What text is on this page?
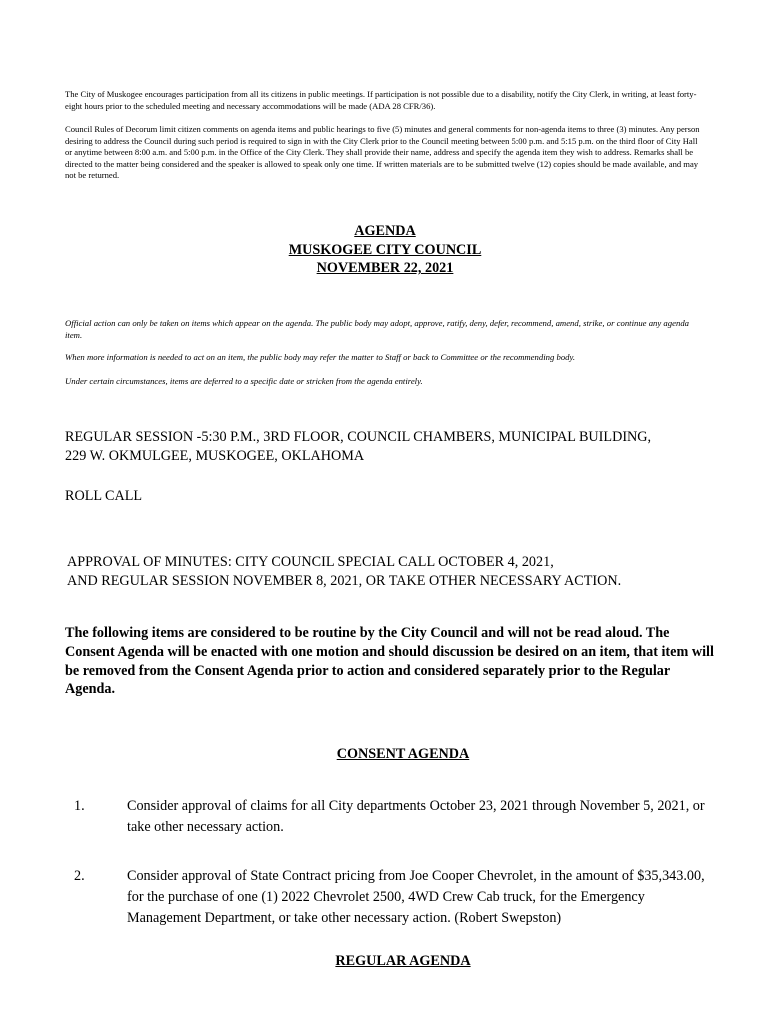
The City of Muskogee encourages participation from all its citizens in public meetings. If participation is not possible due to a disability, notify the City Clerk, in writing, at least forty-eight hours prior to the scheduled meeting and necessary accommodations will be made (ADA 28 CFR/36).

Council Rules of Decorum limit citizen comments on agenda items and public hearings to five (5) minutes and general comments for non-agenda items to three (3) minutes. Any person desiring to address the Council during such period is required to sign in with the City Clerk prior to the Council meeting between 5:00 p.m. and 5:15 p.m. on the third floor of City Hall or anytime between 8:00 a.m. and 5:00 p.m. in the Office of the City Clerk. They shall provide their name, address and specify the agenda item they wish to address. Remarks shall be directed to the matter being considered and the speaker is allowed to speak only one time. If written materials are to be submitted twelve (12) copies should be made available, and may not be returned.

AGENDA
MUSKOGEE CITY COUNCIL
NOVEMBER 22, 2021

Official action can only be taken on items which appear on the agenda. The public body may adopt, approve, ratify, deny, defer, recommend, amend, strike, or continue any agenda item.

When more information is needed to act on an item, the public body may refer the matter to Staff or back to Committee or the recommending body.

Under certain circumstances, items are deferred to a specific date or stricken from the agenda entirely.

REGULAR SESSION -5:30 P.M., 3RD FLOOR, COUNCIL CHAMBERS, MUNICIPAL BUILDING,
229 W. OKMULGEE, MUSKOGEE, OKLAHOMA
ROLL CALL
APPROVAL OF MINUTES: CITY COUNCIL SPECIAL CALL OCTOBER 4, 2021,
AND REGULAR SESSION NOVEMBER 8, 2021, OR TAKE OTHER NECESSARY ACTION.

The following items are considered to be routine by the City Council and will not be read aloud. The Consent Agenda will be enacted with one motion and should discussion be desired on an item, that item will be removed from the Consent Agenda prior to action and considered separately prior to the Regular Agenda.

CONSENT AGENDA
1.	Consider approval of claims for all City departments October 23, 2021 through November 5, 2021, or take other necessary action.
2.	Consider approval of State Contract pricing from Joe Cooper Chevrolet, in the amount of $35,343.00, for the purchase of one (1) 2022 Chevrolet 2500, 4WD Crew Cab truck, for the Emergency Management Department, or take other necessary action. (Robert Swepston)
REGULAR AGENDA
